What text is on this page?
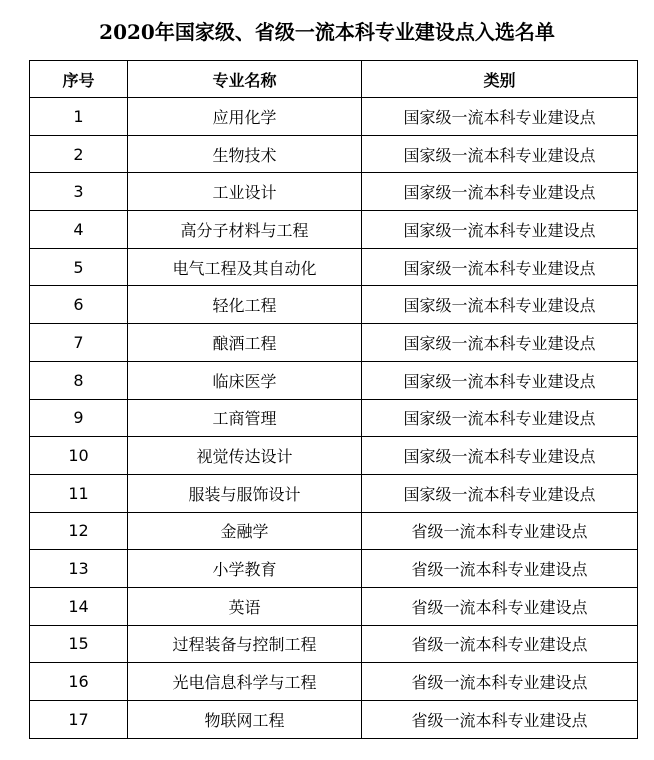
2020年国家级、省级一流本科专业建设点入选名单
序号	专业名称	类别
1	应用化学	国家级一流本科专业建设点
2	生物技术	国家级一流本科专业建设点
3	工业设计	国家级一流本科专业建设点
4	高分子材料与工程	国家级一流本科专业建设点
5	电气工程及其自动化	国家级一流本科专业建设点
6	轻化工程	国家级一流本科专业建设点
7	酿酒工程	国家级一流本科专业建设点
8	临床医学	国家级一流本科专业建设点
9	工商管理	国家级一流本科专业建设点
10	视觉传达设计	国家级一流本科专业建设点
11	服装与服饰设计	国家级一流本科专业建设点
12	金融学	省级一流本科专业建设点
13	小学教育	省级一流本科专业建设点
14	英语	省级一流本科专业建设点
15	过程装备与控制工程	省级一流本科专业建设点
16	光电信息科学与工程	省级一流本科专业建设点
17	物联网工程	省级一流本科专业建设点
